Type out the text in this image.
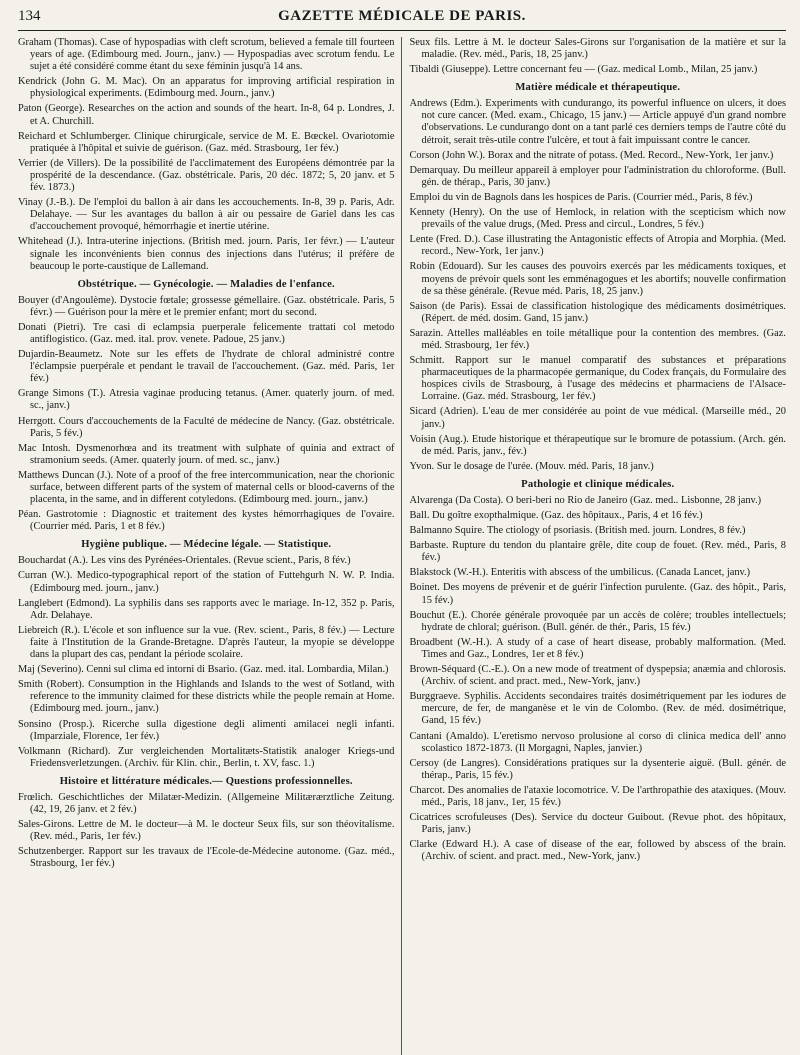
134	GAZETTE MÉDICALE DE PARIS.

Graham (Thomas). Case of hypospadias with cleft scrotum, believed a female till fourteen years of age. (Edimbourg med. Journ., janv.) — Hypospadias avec scrotum fendu. Le sujet a été considéré comme étant du sexe féminin jusqu'à 14 ans.

Kendrick (John G. M. Mac). On an apparatus for improving artificial respiration in physiological experiments. (Edimbourg med. Journ., janv.)

Paton (George). Researches on the action and sounds of the heart. In-8, 64 p. Londres, J. et A. Churchill.

Reichard et Schlumberger. Clinique chirurgicale, service de M. E. Bœckel. Ovariotomie pratiquée à l'hôpital et suivie de guérison. (Gaz. méd. Strasbourg, 1er fév.)

Verrier (de Villers). De la possibilité de l'acclimatement des Européens démontrée par la prospérité de la descendance. (Gaz. obstétricale. Paris, 20 déc. 1872; 5, 20 janv. et 5 fév. 1873.)

Vinay (J.-B.). De l'emploi du ballon à air dans les accouchements. In-8, 39 p. Paris, Adr. Delahaye. — Sur les avantages du ballon à air ou pessaire de Gariel dans les cas d'accouchement provoqué, hémorrhagie et inertie utérine.

Whitehead (J.). Intra-uterine injections. (British med. journ. Paris, 1er févr.) — L'auteur signale les inconvénients bien connus des injections dans l'utérus; il préfère de beaucoup le porte-caustique de Lallemand.

Obstétrique. — Gynécologie. — Maladies de l'enfance.

Bouyer (d'Angoulème). Dystocie fœtale; grossesse gémellaire. (Gaz. obstétricale. Paris, 5 févr.) — Guérison pour la mère et le premier enfant; mort du second.

Donati (Pietri). Tre casi di eclampsia puerperale felicemente trattati col metodo antiflogistico. (Gaz. med. ital. prov. venete. Padoue, 25 janv.)

Dujardin-Beaumetz. Note sur les effets de l'hydrate de chloral administré contre l'éclampsie puerpérale et pendant le travail de l'accouchement. (Gaz. méd. Paris, 1er fév.)

Grange Simons (T.). Atresia vaginae producing tetanus. (Amer. quaterly journ. of med. sc., janv.)

Herrgott. Cours d'accouchements de la Faculté de médecine de Nancy. (Gaz. obstétricale. Paris, 5 fév.)

Mac Intosh. Dysmenorhœa and its treatment with sulphate of quinia and extract of stramonium seeds. (Amer. quaterly journ. of med. sc., janv.)

Matthews Duncan (J.). Note of a proof of the free intercommunication, near the chorionic surface, between different parts of the system of maternal cells or blood-caverns of the placenta, in the same, and in different cotyledons. (Edimbourg med. journ., janv.)

Péan. Gastrotomie : Diagnostic et traitement des kystes hémorrhagiques de l'ovaire. (Courrier méd. Paris, 1 et 8 fév.)

Hygiène publique. — Médecine légale. — Statistique.

Bouchardat (A.). Les vins des Pyrénées-Orientales. (Revue scient., Paris, 8 fév.)

Curran (W.). Medico-typographical report of the station of Futtehgurh N. W. P. India. (Edimbourg med. journ., janv.)

Langlebert (Edmond). La syphilis dans ses rapports avec le mariage. In-12, 352 p. Paris, Adr. Delahaye.

Liebreich (R.). L'école et son influence sur la vue. (Rev. scient., Paris, 8 fév.) — Lecture faite à l'Institution de la Grande-Bretagne. D'après l'auteur, la myopie se développe dans la plupart des cas, pendant la période scolaire.

Maj (Severino). Cenni sul clima ed intorni di Bsario. (Gaz. med. ital. Lombardia, Milan.)

Smith (Robert). Consumption in the Highlands and Islands to the west of Sotland, with reference to the immunity claimed for these districts while the people remain at Home. (Edimbourg med. journ., janv.)

Sonsino (Prosp.). Ricerche sulla digestione degli alimenti amilacei negli infanti. (Imparziale, Florence, 1er fév.)

Volkmann (Richard). Zur vergleichenden Mortalitæts-Statistik analoger Kriegs-und Friedensverletzungen. (Archiv. für Klin. chir., Berlin, t. XV, fasc. 1.)

Histoire et littérature médicales.— Questions professionnelles.

Frœlich. Geschichtliches der Milatær-Medizin. (Allgemeine Militærærztliche Zeitung. (42, 19, 26 janv. et 2 fév.)

Sales-Girons. Lettre de M. le docteur—à M. le docteur Seux fils, sur son théovitalisme. (Rev. méd., Paris, 1er fév.)

Schutzenberger. Rapport sur les travaux de l'Ecole-de-Médecine autonome. (Gaz. méd., Strasbourg, 1er fév.)

Seux fils. Lettre à M. le docteur Sales-Girons sur l'organisation de la matière et sur la maladie. (Rev. méd., Paris, 18, 25 janv.)

Tibaldi (Giuseppe). Lettre concernant feu — (Gaz. medical Lomb., Milan, 25 janv.)

Matière médicale et thérapeutique.

Andrews (Edm.). Experiments with cundurango, its powerful influence on ulcers, it does not cure cancer. (Med. exam., Chicago, 15 janv.) — Article appuyé d'un grand nombre d'observations. Le cundurango dont on a tant parlé ces derniers temps de l'autre côté du détroit, serait très-utile contre l'ulcère, et tout à fait impuissant contre le cancer.

Corson (John W.). Borax and the nitrate of potass. (Med. Record., New-York, 1er janv.)

Demarquay. Du meilleur appareil à employer pour l'administration du chloroforme. (Bull. gén. de thérap., Paris, 30 janv.)

Emploi du vin de Bagnols dans les hospices de Paris. (Courrier méd., Paris, 8 fév.)

Kennety (Henry). On the use of Hemlock, in relation with the scepticism which now prevails of the value drugs, (Med. Press and circul., Londres, 5 fév.)

Lente (Fred. D.). Case illustrating the Antagonistic effects of Atropia and Morphia. (Med. record., New-York, 1er janv.)

Robin (Edouard). Sur les causes des pouvoirs exercés par les médicaments toxiques, et moyens de prévoir quels sont les emménagogues et les abortifs; nouvelle confirmation de sa thèse générale. (Revue méd. Paris, 18, 25 janv.)

Saison (de Paris). Essai de classification histologique des médicaments dosimétriques. (Répert. de méd. dosim. Gand, 15 janv.)

Sarazin. Attelles malléables en toile métallique pour la contention des membres. (Gaz. méd. Strasbourg, 1er fév.)

Schmitt. Rapport sur le manuel comparatif des substances et préparations pharmaceutiques de la pharmacopée germanique, du Codex français, du Formulaire des hospices civils de Strasbourg, à l'usage des médecins et pharmaciens de l'Alsace-Lorraine. (Gaz. méd. Strasbourg, 1er fév.)

Sicard (Adrien). L'eau de mer considérée au point de vue médical. (Marseille méd., 20 janv.)

Voisin (Aug.). Etude historique et thérapeutique sur le bromure de potassium. (Arch. gén. de méd. Paris, janv., fév.)

Yvon. Sur le dosage de l'urée. (Mouv. méd. Paris, 18 janv.)

Pathologie et clinique médicales.

Alvarenga (Da Costa). O beri-beri no Rio de Janeiro (Gaz. med.. Lisbonne, 28 janv.)

Ball. Du goître exopthalmique. (Gaz. des hôpitaux., Paris, 4 et 16 fév.)

Balmanno Squire. The ctiology of psoriasis. (British med. journ. Londres, 8 fév.)

Barbaste. Rupture du tendon du plantaire grêle, dite coup de fouet. (Rev. méd., Paris, 8 fév.)

Blakstock (W.-H.). Enteritis with abscess of the umbilicus. (Canada Lancet, janv.)

Boinet. Des moyens de prévenir et de guérir l'infection purulente. (Gaz. des hôpit., Paris, 15 fév.)

Bouchut (E.). Chorée générale provoquée par un accès de colère; troubles intellectuels; hydrate de chloral; guérison. (Bull. génér. de thér., Paris, 15 fév.)

Broadbent (W.-H.). A study of a case of heart disease, probably malformation. (Med. Times and Gaz., Londres, 1er et 8 fév.)

Brown-Séquard (C.-E.). On a new mode of treatment of dyspepsia; anæmia and chlorosis. (Archiv. of scient. and pract. med., New-York, janv.)

Burggraeve. Syphilis. Accidents secondaires traités dosimétriquement par les iodures de mercure, de fer, de manganèse et le vin de Colombo. (Rev. de méd. dosimétrique, Gand, 15 fév.)

Cantani (Amaldo). L'eretismo nervoso prolusione al corso di clinica medica dell' anno scolastico 1872-1873. (Il Morgagni, Naples, janvier.)

Cersoy (de Langres). Considérations pratiques sur la dysenterie aiguë. (Bull. génér. de thérap., Paris, 15 fév.)

Charcot. Des anomalies de l'ataxie locomotrice. V. De l'arthropathie des ataxiques. (Mouv. méd., Paris, 18 janv., 1er, 15 fév.)

Cicatrices scrofuleuses (Des). Service du docteur Guibout. (Revue phot. des hôpitaux, Paris, janv.)

Clarke (Edward H.). A case of disease of the ear, followed by abscess of the brain. (Archiv. of scient. and pract. med., New-York, janv.)
